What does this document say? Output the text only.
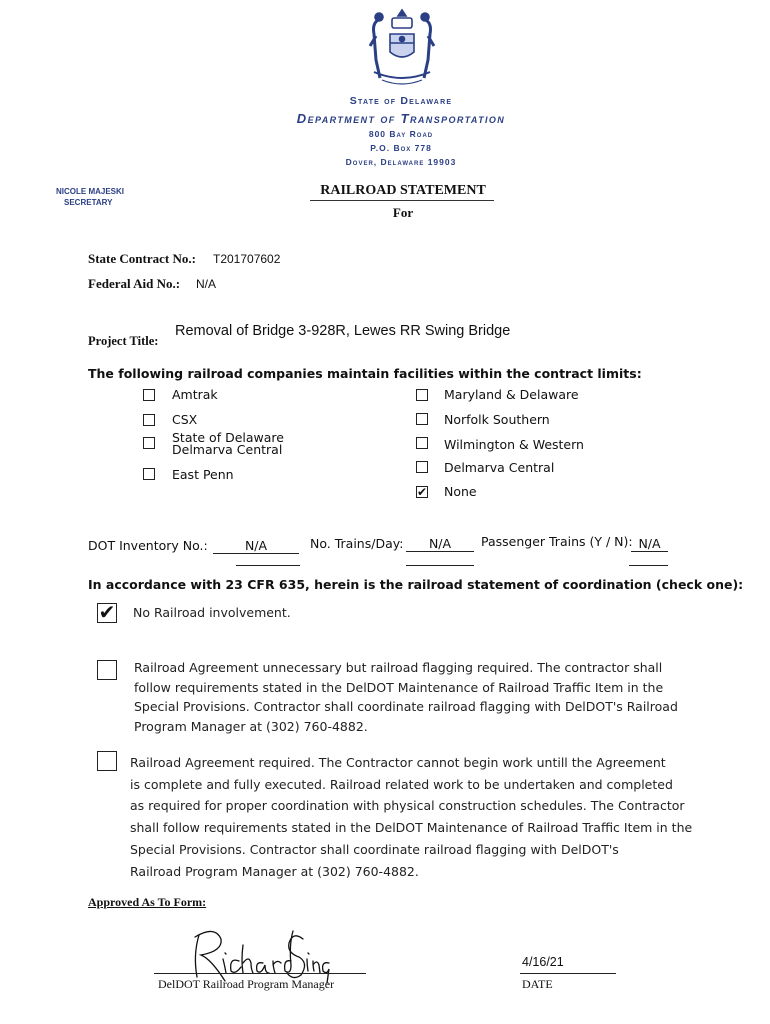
State of Delaware
Department of Transportation
800 Bay Road
P.O. Box 778
Dover, Delaware 19903
NICOLE MAJESKI
SECRETARY
RAILROAD STATEMENT
For
State Contract No.: T201707602
Federal Aid No.: N/A
Project Title:
Removal of Bridge 3-928R, Lewes RR Swing Bridge
The following railroad companies maintain facilities within the contract limits:
Amtrak
CSX
State of Delaware
Delmarva Central
East Penn
Maryland & Delaware
Norfolk Southern
Wilmington & Western
Delmarva Central
✔ None
DOT Inventory No.:	N/A	No. Trains/Day:	N/A	Passenger Trains (Y / N): N/A
In accordance with 23 CFR 635, herein is the railroad statement of coordination (check one):
✔ No Railroad involvement.
Railroad Agreement unnecessary but railroad flagging required. The contractor shall
follow requirements stated in the DelDOT Maintenance of Railroad Traffic Item in the
Special Provisions. Contractor shall coordinate railroad flagging with DelDOT's Railroad
Program Manager at (302) 760-4882.
Railroad Agreement required. The Contractor cannot begin work untill the Agreement
is complete and fully executed. Railroad related work to be undertaken and completed
as required for proper coordination with physical construction schedules. The Contractor
shall follow requirements stated in the DelDOT Maintenance of Railroad Traffic Item in the
Special Provisions. Contractor shall coordinate railroad flagging with DelDOT's
Railroad Program Manager at (302) 760-4882.
Approved As To Form:
DelDOT Railroad Program Manager
4/16/21
DATE
